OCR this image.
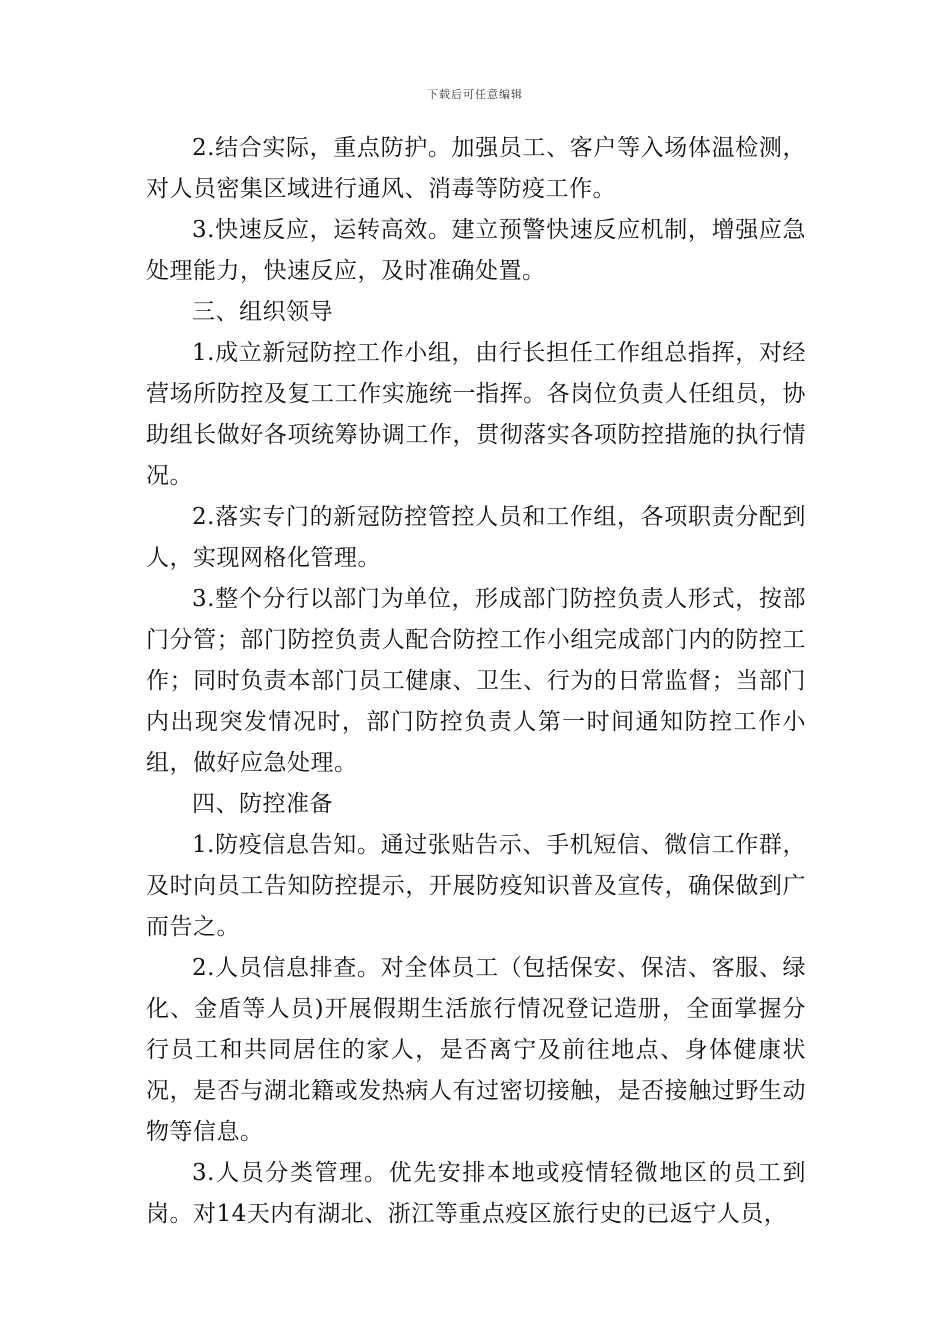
下载后可任意编辑

2.结合实际，重点防护。加强员工、客户等入场体温检测，对人员密集区域进行通风、消毒等防疫工作。

3.快速反应，运转高效。建立预警快速反应机制，增强应急处理能力，快速反应，及时准确处置。

三、组织领导

1.成立新冠防控工作小组，由行长担任工作组总指挥，对经营场所防控及复工工作实施统一指挥。各岗位负责人任组员，协助组长做好各项统筹协调工作，贯彻落实各项防控措施的执行情况。

2.落实专门的新冠防控管控人员和工作组，各项职责分配到人，实现网格化管理。

3.整个分行以部门为单位，形成部门防控负责人形式，按部门分管；部门防控负责人配合防控工作小组完成部门内的防控工作；同时负责本部门员工健康、卫生、行为的日常监督；当部门内出现突发情况时，部门防控负责人第一时间通知防控工作小组，做好应急处理。

四、防控准备

1.防疫信息告知。通过张贴告示、手机短信、微信工作群，及时向员工告知防控提示，开展防疫知识普及宣传，确保做到广而告之。

2.人员信息排查。对全体员工（包括保安、保洁、客服、绿化、金盾等人员)开展假期生活旅行情况登记造册，全面掌握分行员工和共同居住的家人，是否离宁及前往地点、身体健康状况，是否与湖北籍或发热病人有过密切接触，是否接触过野生动物等信息。

3.人员分类管理。优先安排本地或疫情轻微地区的员工到岗。对14天内有湖北、浙江等重点疫区旅行史的已返宁人员，
